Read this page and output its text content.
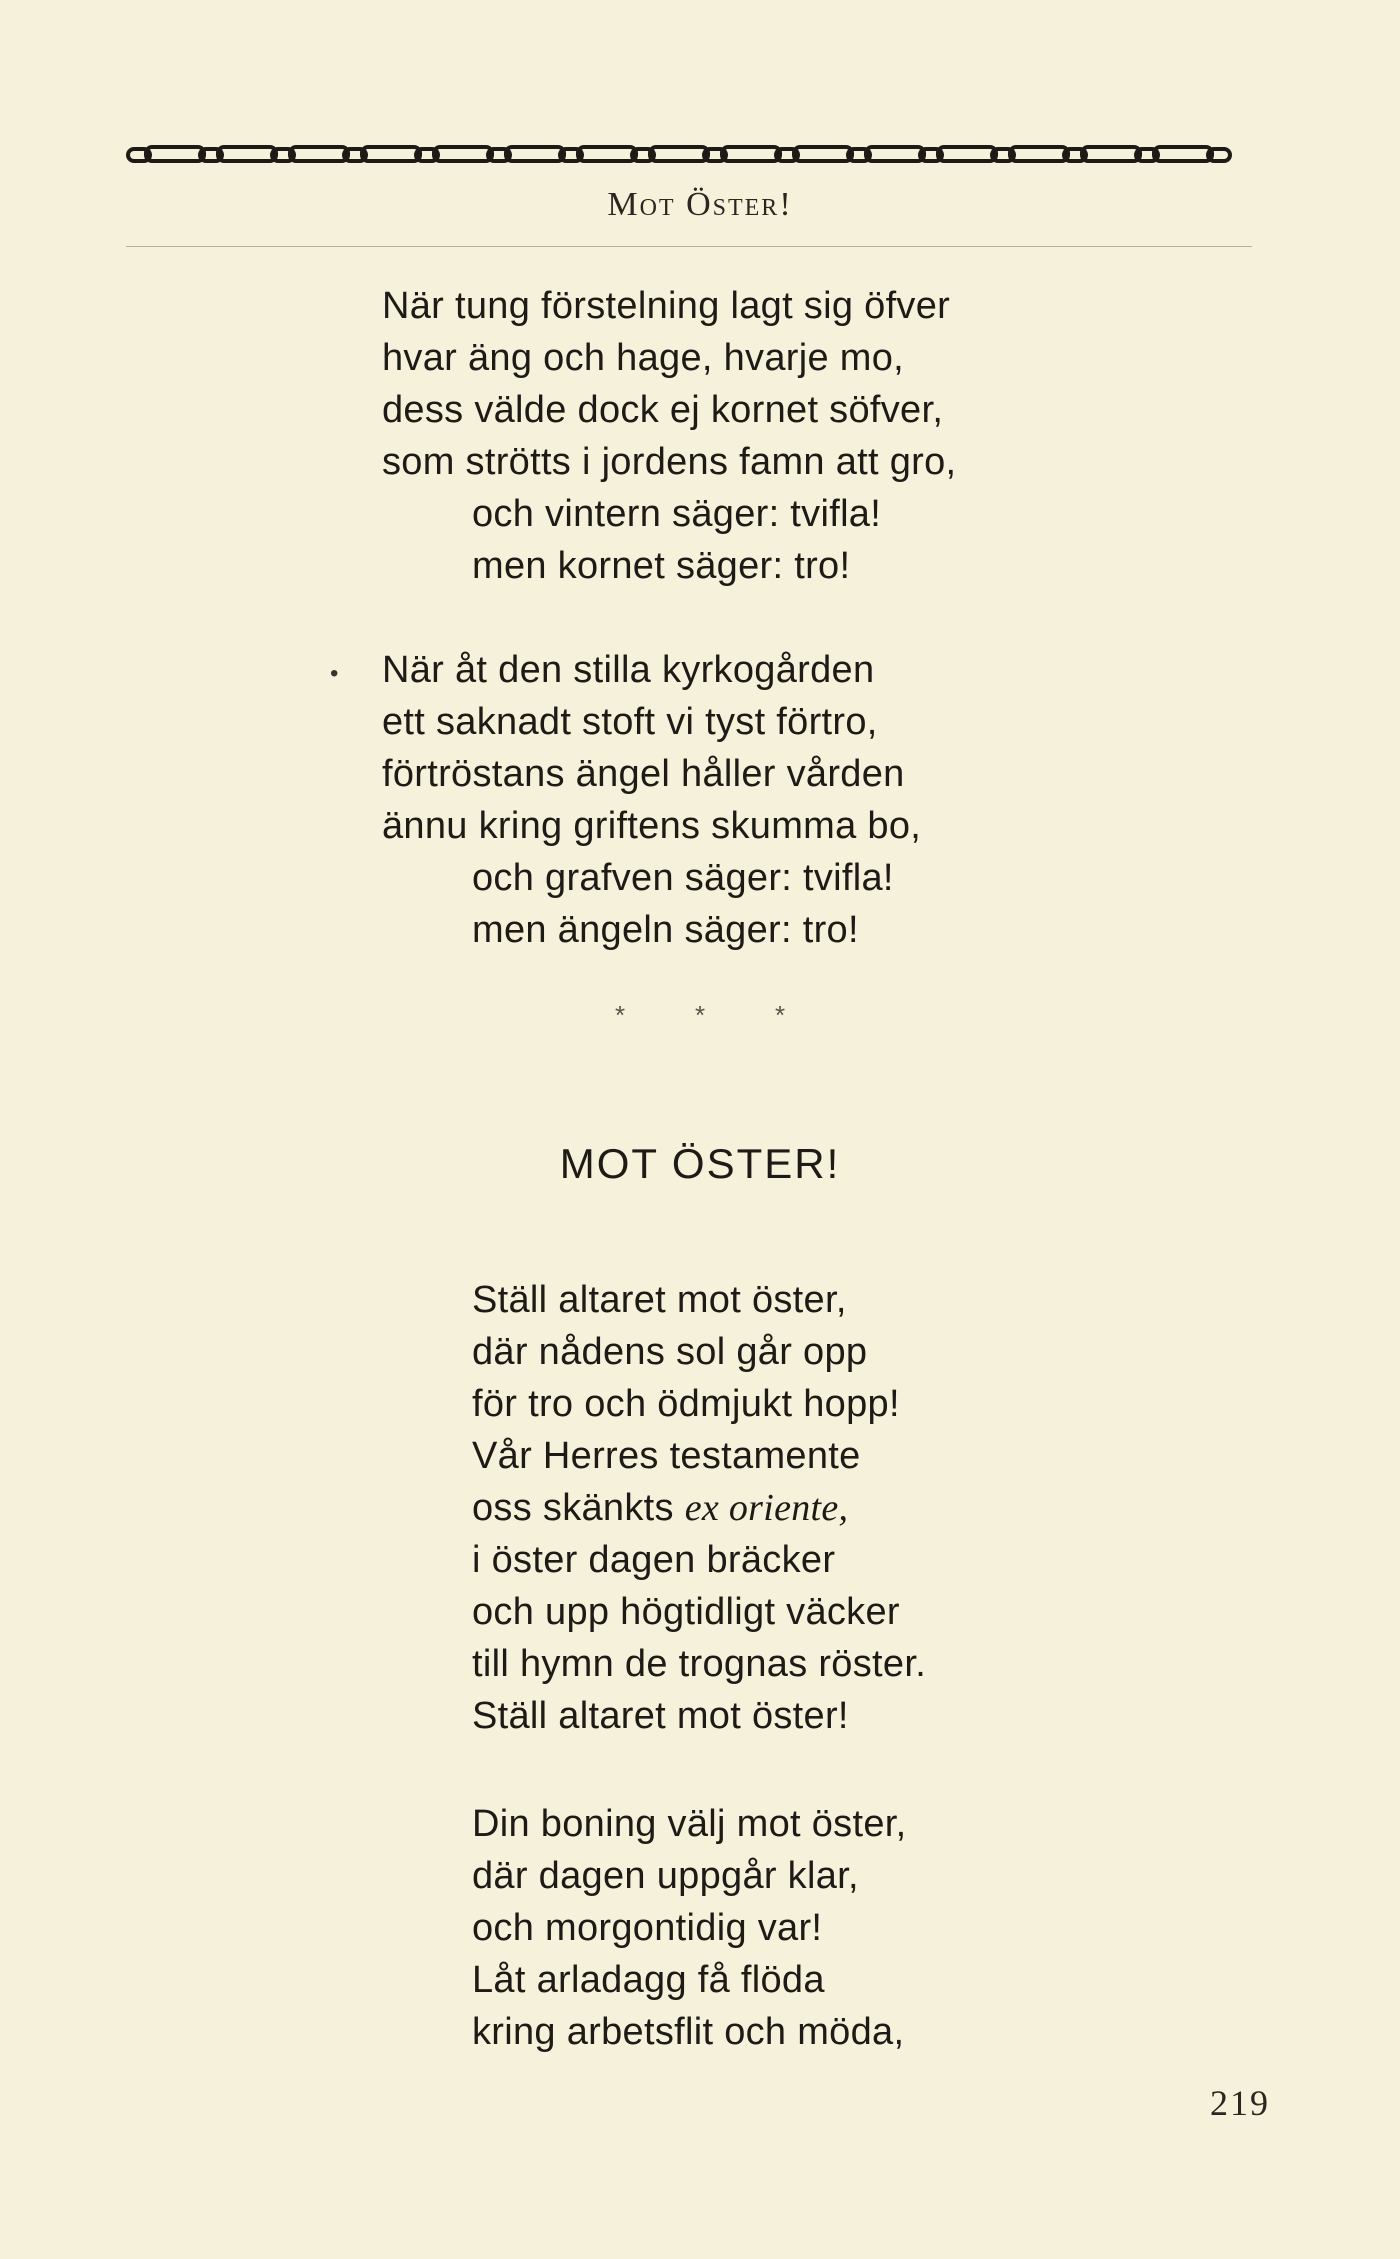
Mot Öster!
När tung förstelning lagt sig öfver
hvar äng och hage, hvarje mo,
dess välde dock ej kornet söfver,
som strötts i jordens famn att gro,
och vintern säger: tvifla!
men kornet säger: tro!
• När åt den stilla kyrkogården
ett saknadt stoft vi tyst förtro,
förtröstans ängel håller vården
ännu kring griftens skumma bo,
och grafven säger: tvifla!
men ängeln säger: tro!
*	*	*
MOT ÖSTER!
Ställ altaret mot öster,
där nådens sol går opp
för tro och ödmjukt hopp!
Vår Herres testamente
oss skänkts ex oriente,
i öster dagen bräcker
och upp högtidligt väcker
till hymn de trognas röster.
Ställ altaret mot öster!
Din boning välj mot öster,
där dagen uppgår klar,
och morgontidig var!
Låt arladagg få flöda
kring arbetsflit och möda,
219
